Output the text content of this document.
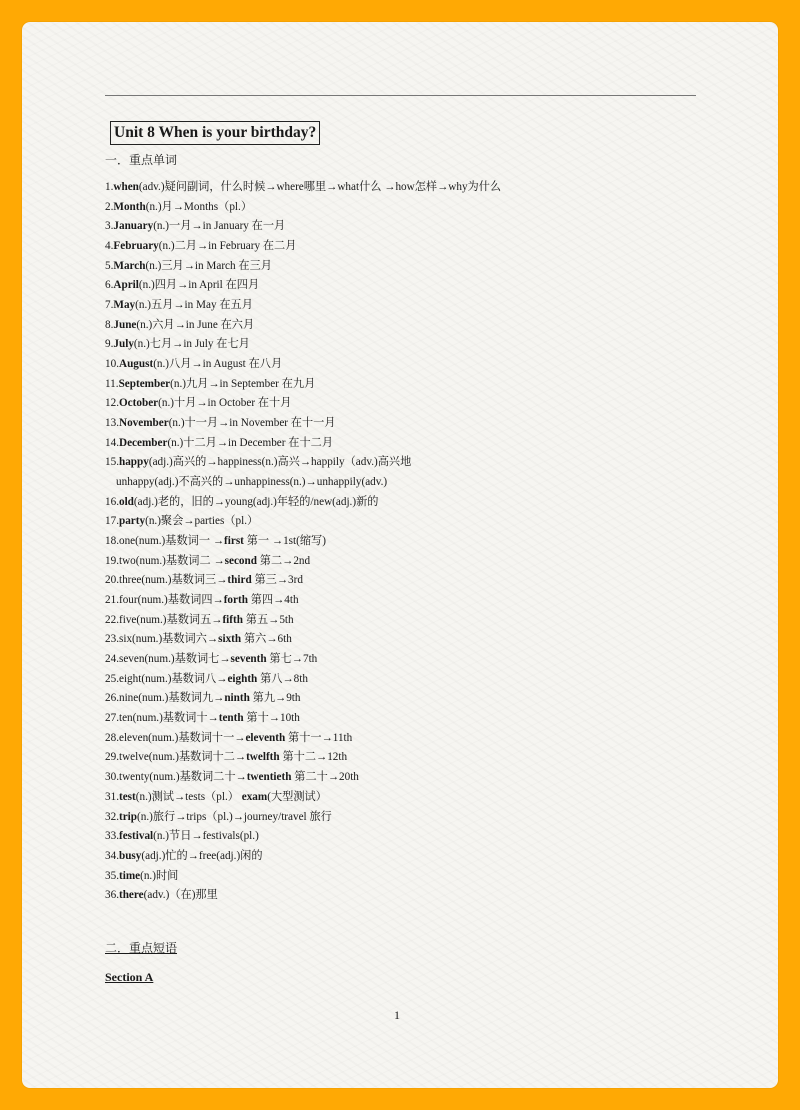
Unit 8 When is your birthday?
一．重点单词
1.when(adv.)疑问副词，什么时候→where哪里→what什么 →how怎样→why为什么
2.Month(n.)月→Months（pl.）
3.January(n.)一月→in January 在一月
4.February(n.)二月→in February 在二月
5.March(n.)三月→in March 在三月
6.April(n.)四月→in April 在四月
7.May(n.)五月→in May 在五月
8.June(n.)六月→in June 在六月
9.July(n.)七月→in July 在七月
10.August(n.)八月→in August 在八月
11.September(n.)九月→in September 在九月
12.October(n.)十月→in October 在十月
13.November(n.)十一月→in November 在十一月
14.December(n.)十二月→in December 在十二月
15.happy(adj.)高兴的→happiness(n.)高兴→happily（adv.)高兴地
unhappy(adj.)不高兴的→unhappiness(n.)→unhappily(adv.)
16.old(adj.)老的，旧的→young(adj.)年轻的/new(adj.)新的
17.party(n.)聚会→parties（pl.）
18.one(num.)基数词一 →first 第一 →1st(缩写)
19.two(num.)基数词二 →second 第二→2nd
20.three(num.)基数词三→third 第三→3rd
21.four(num.)基数词四→forth 第四→4th
22.five(num.)基数词五→fifth 第五→5th
23.six(num.)基数词六→sixth 第六→6th
24.seven(num.)基数词七→seventh 第七→7th
25.eight(num.)基数词八→eighth 第八→8th
26.nine(num.)基数词九→ninth 第九→9th
27.ten(num.)基数词十→tenth 第十→10th
28.eleven(num.)基数词十一→eleventh 第十一→11th
29.twelve(num.)基数词十二→twelfth 第十二→12th
30.twenty(num.)基数词二十→twentieth 第二十→20th
31.test(n.)测试→tests（pl.） exam(大型测试）
32.trip(n.)旅行→trips（pl.)→journey/travel 旅行
33.festival(n.)节日→festivals(pl.)
34.busy(adj.)忙的→free(adj.)闲的
35.time(n.)时间
36.there(adv.)（在)那里
二．重点短语
Section A
1
